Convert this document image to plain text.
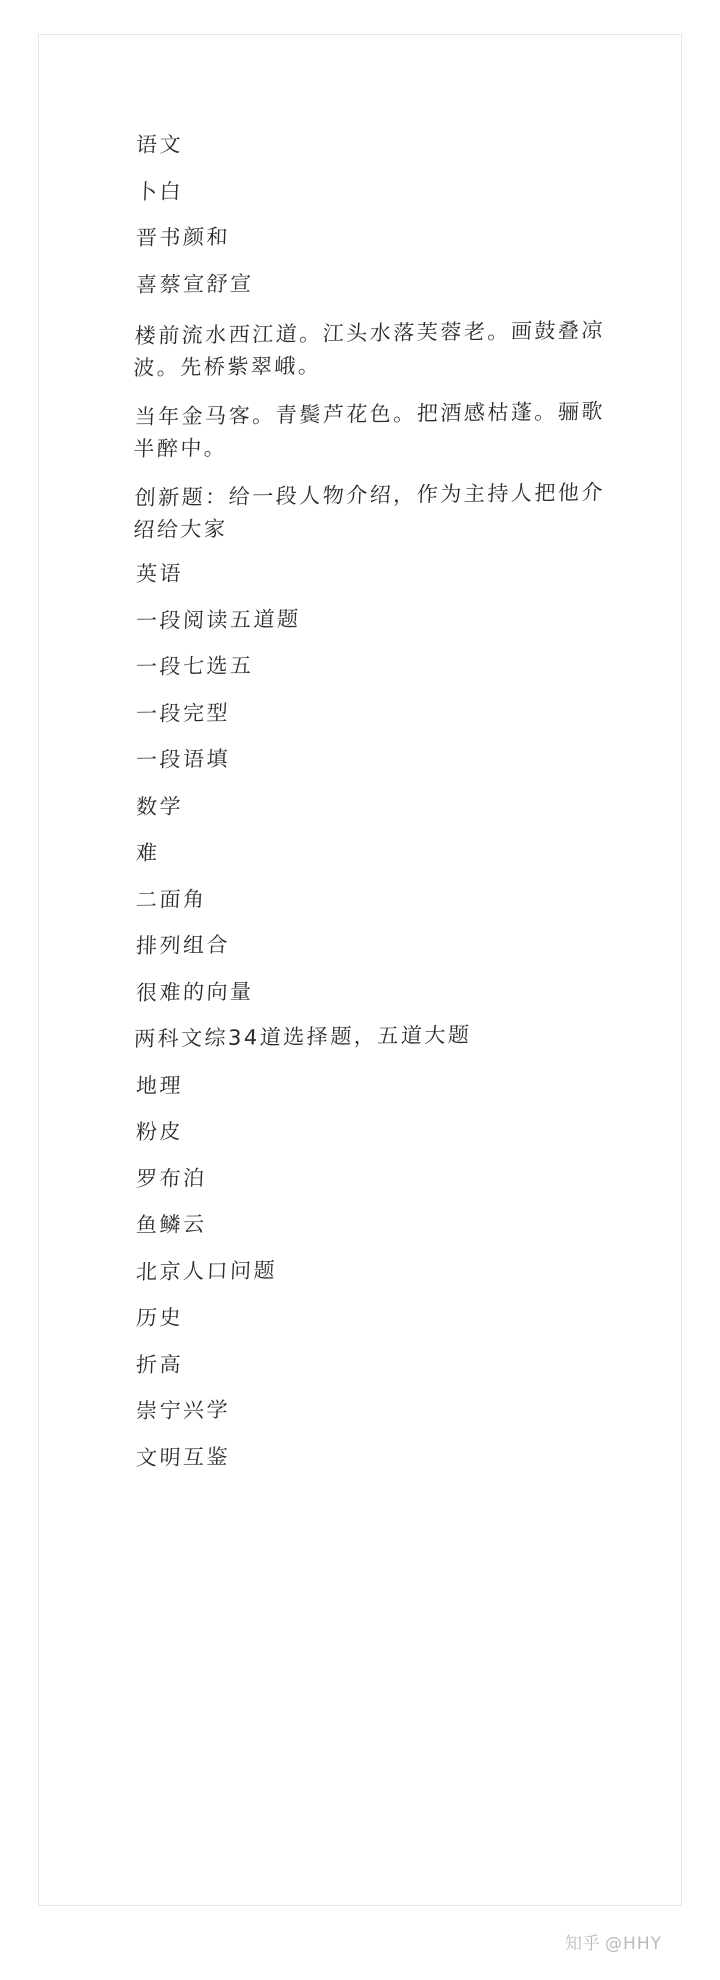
语文
卜白
晋书颜和
喜蔡宣舒宣
楼前流水西江道。江头水落芙蓉老。画鼓叠凉波。先桥紫翠峨。
当年金马客。青鬓芦花色。把酒感枯蓬。骊歌半醉中。
创新题：给一段人物介绍，作为主持人把他介绍给大家
英语
一段阅读五道题
一段七选五
一段完型
一段语填
数学
难
二面角
排列组合
很难的向量
两科文综34道选择题，五道大题
地理
粉皮
罗布泊
鱼鳞云
北京人口问题
历史
折高
崇宁兴学
文明互鉴
知乎 @HHY
